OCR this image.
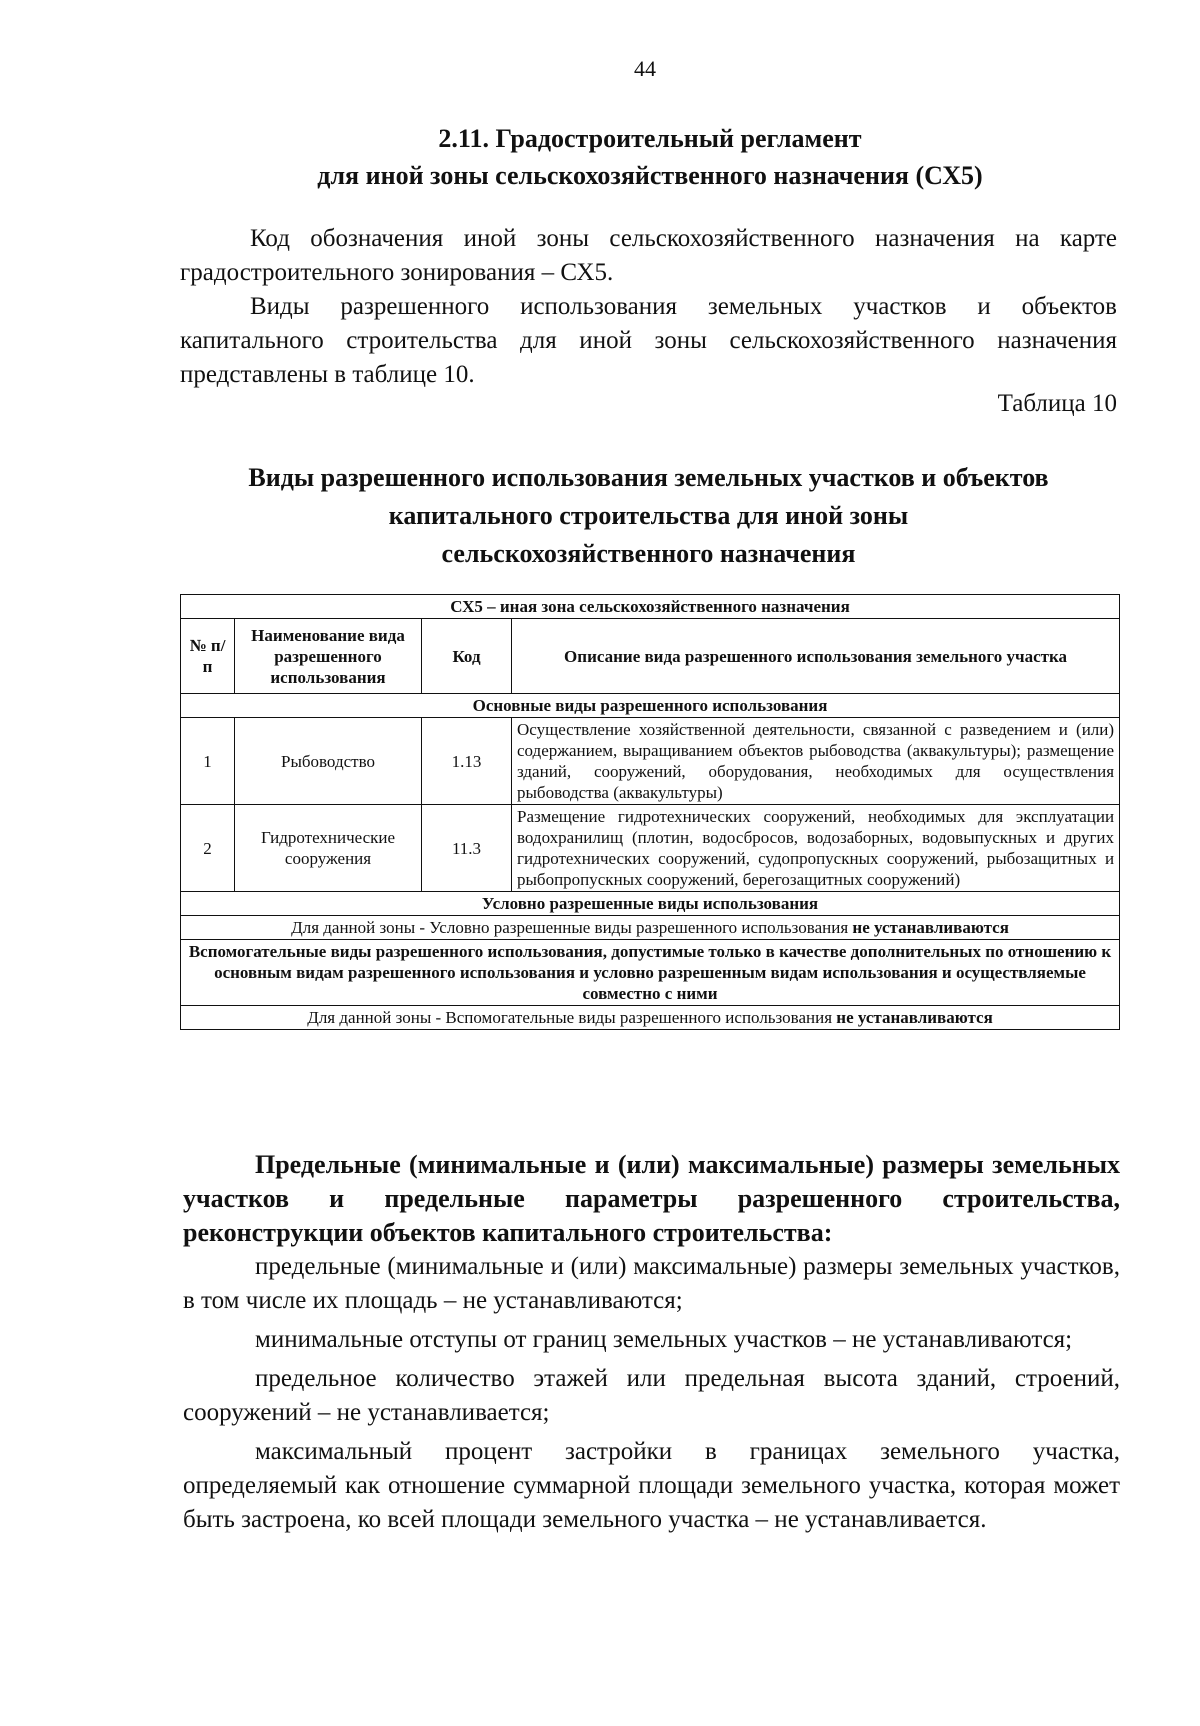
44
2.11. Градостроительный регламент
для иной зоны сельскохозяйственного назначения (СХ5)

Код обозначения иной зоны сельскохозяйственного назначения на карте градостроительного зонирования – СХ5.

Виды разрешенного использования земельных участков и объектов капитального строительства для иной зоны сельскохозяйственного назначения представлены в таблице 10.

Таблица 10
Виды разрешенного использования земельных участков и объектов
капитального строительства для иной зоны
сельскохозяйственного назначения
СХ5 – иная зона сельскохозяйственного назначения			
№ п/п	Наименование вида разрешенного использования	Код	Описание вида разрешенного использования земельного участка
Основные виды разрешенного использования			
1	Рыбоводство	1.13	Осуществление хозяйственной деятельности, связанной с разведением и (или) содержанием, выращиванием объектов рыбоводства (аквакультуры); размещение зданий, сооружений, оборудования, необходимых для осуществления рыбоводства (аквакультуры)
2	Гидротехнические сооружения	11.3	Размещение гидротехнических сооружений, необходимых для эксплуатации водохранилищ (плотин, водосбросов, водозаборных, водовыпускных и других гидротехнических сооружений, судопропускных сооружений, рыбозащитных и рыбопропускных сооружений, берегозащитных сооружений)
Условно разрешенные виды использования			
Для данной зоны - Условно разрешенные виды разрешенного использования не устанавливаются			
Вспомогательные виды разрешенного использования, допустимые только в качестве дополнительных по отношению к основным видам разрешенного использования и условно разрешенным видам использования и осуществляемые совместно с ними			
Для данной зоны - Вспомогательные виды разрешенного использования не устанавливаются			

Предельные (минимальные и (или) максимальные) размеры земельных участков и предельные параметры разрешенного строительства, реконструкции объектов капитального строительства:

предельные (минимальные и (или) максимальные) размеры земельных участков, в том числе их площадь – не устанавливаются;

минимальные отступы от границ земельных участков – не устанавливаются;

предельное количество этажей или предельная высота зданий, строений, сооружений – не устанавливается;

максимальный процент застройки в границах земельного участка, определяемый как отношение суммарной площади земельного участка, которая может быть застроена, ко всей площади земельного участка – не устанавливается.
